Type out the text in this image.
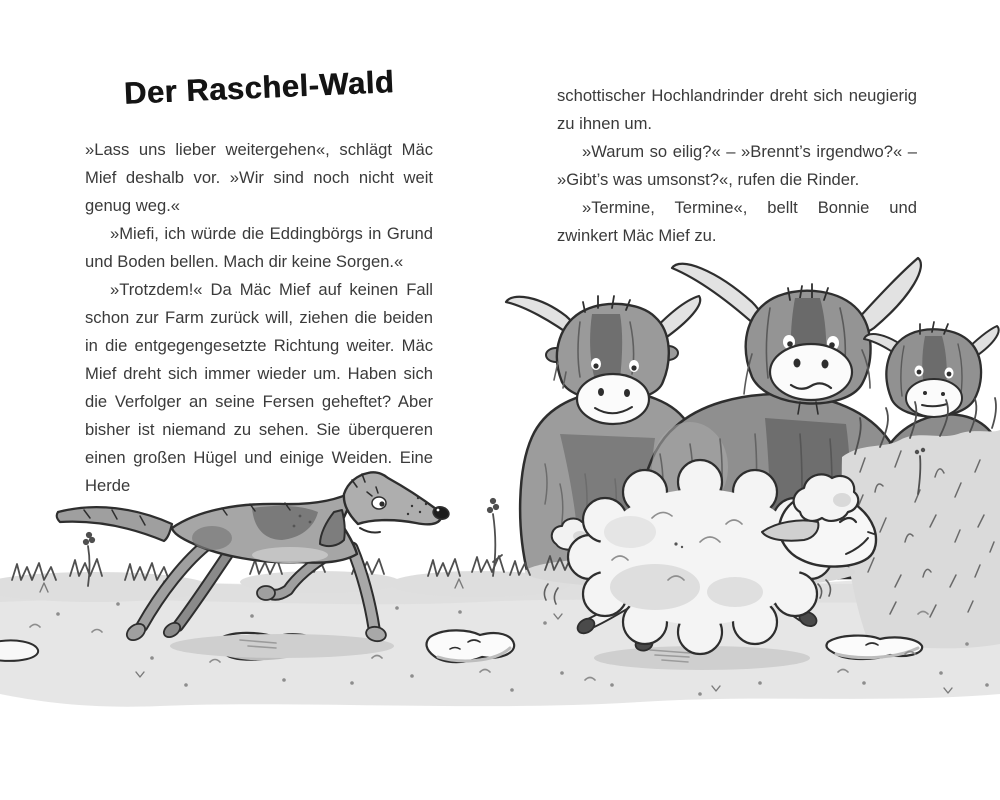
Der Raschel-Wald

»Lass uns lieber weitergehen«, schlägt Mäc Mief deshalb vor. »Wir sind noch nicht weit genug weg.«

»Miefi, ich würde die Eddingbörgs in Grund und Boden bellen. Mach dir keine Sorgen.«

»Trotzdem!« Da Mäc Mief auf keinen Fall schon zur Farm zurück will, ziehen die beiden in die entgegengesetzte Richtung weiter. Mäc Mief dreht sich immer wieder um. Haben sich die Verfolger an seine Fersen geheftet? Aber bisher ist niemand zu sehen. Sie überqueren einen großen Hügel und einige Weiden. Eine Herde

schottischer Hochlandrinder dreht sich neugierig zu ihnen um.

»Warum so eilig?« – »Brennt’s irgendwo?« – »Gibt’s was umsonst?«, rufen die Rinder.

»Termine, Termine«, bellt Bonnie und zwinkert Mäc Mief zu.
